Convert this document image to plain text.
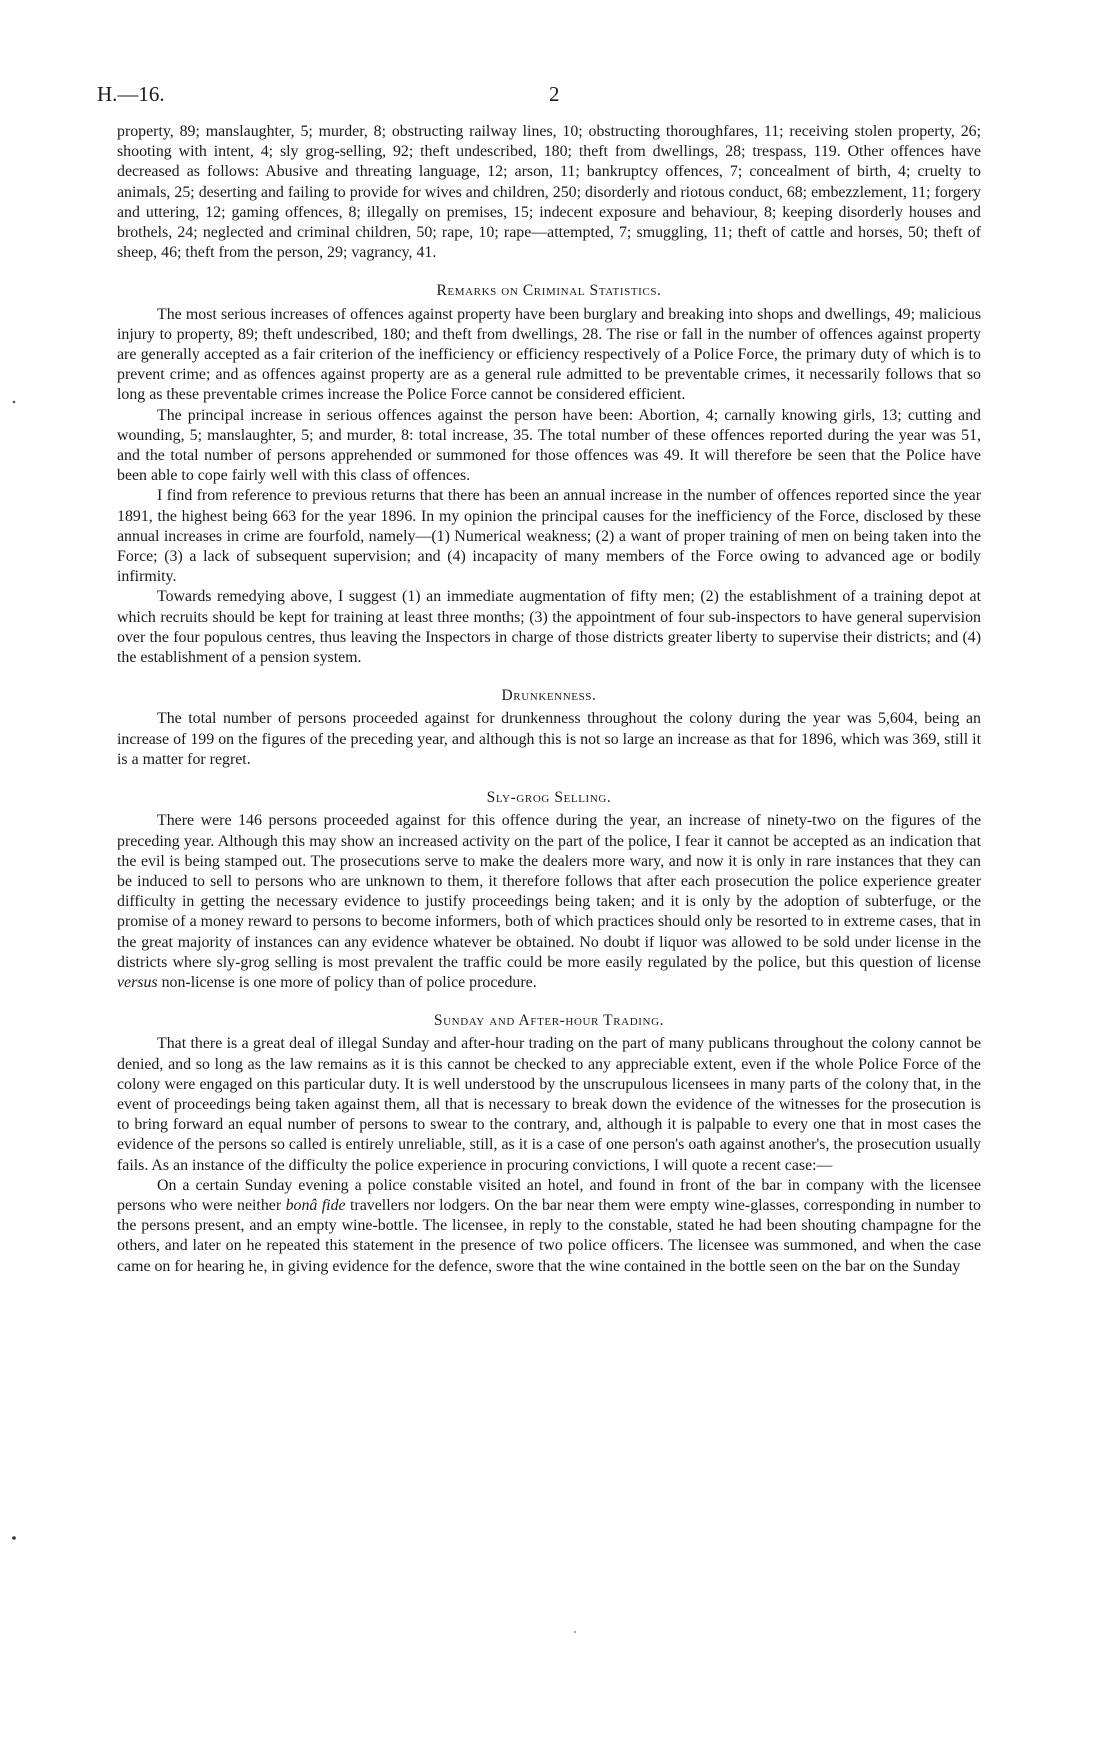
H.—16.	2

property, 89; manslaughter, 5; murder, 8; obstructing railway lines, 10; obstructing thoroughfares, 11; receiving stolen property, 26; shooting with intent, 4; sly grog-selling, 92; theft undescribed, 180; theft from dwellings, 28; trespass, 119. Other offences have decreased as follows: Abusive and threating language, 12; arson, 11; bankruptcy offences, 7; concealment of birth, 4; cruelty to animals, 25; deserting and failing to provide for wives and children, 250; disorderly and riotous conduct, 68; embezzlement, 11; forgery and uttering, 12; gaming offences, 8; illegally on premises, 15; indecent exposure and behaviour, 8; keeping disorderly houses and brothels, 24; neglected and criminal children, 50; rape, 10; rape—attempted, 7; smuggling, 11; theft of cattle and horses, 50; theft of sheep, 46; theft from the person, 29; vagrancy, 41.

Remarks on Criminal Statistics.

The most serious increases of offences against property have been burglary and breaking into shops and dwellings, 49; malicious injury to property, 89; theft undescribed, 180; and theft from dwellings, 28. The rise or fall in the number of offences against property are generally accepted as a fair criterion of the inefficiency or efficiency respectively of a Police Force, the primary duty of which is to prevent crime; and as offences against property are as a general rule admitted to be preventable crimes, it necessarily follows that so long as these preventable crimes increase the Police Force cannot be considered efficient.

The principal increase in serious offences against the person have been: Abortion, 4; carnally knowing girls, 13; cutting and wounding, 5; manslaughter, 5; and murder, 8: total increase, 35. The total number of these offences reported during the year was 51, and the total number of persons apprehended or summoned for those offences was 49. It will therefore be seen that the Police have been able to cope fairly well with this class of offences.

I find from reference to previous returns that there has been an annual increase in the number of offences reported since the year 1891, the highest being 663 for the year 1896. In my opinion the principal causes for the inefficiency of the Force, disclosed by these annual increases in crime are fourfold, namely—(1) Numerical weakness; (2) a want of proper training of men on being taken into the Force; (3) a lack of subsequent supervision; and (4) incapacity of many members of the Force owing to advanced age or bodily infirmity.

Towards remedying above, I suggest (1) an immediate augmentation of fifty men; (2) the establishment of a training depot at which recruits should be kept for training at least three months; (3) the appointment of four sub-inspectors to have general supervision over the four populous centres, thus leaving the Inspectors in charge of those districts greater liberty to supervise their districts; and (4) the establishment of a pension system.

Drunkenness.

The total number of persons proceeded against for drunkenness throughout the colony during the year was 5,604, being an increase of 199 on the figures of the preceding year, and although this is not so large an increase as that for 1896, which was 369, still it is a matter for regret.

Sly-grog Selling.

There were 146 persons proceeded against for this offence during the year, an increase of ninety-two on the figures of the preceding year. Although this may show an increased activity on the part of the police, I fear it cannot be accepted as an indication that the evil is being stamped out. The prosecutions serve to make the dealers more wary, and now it is only in rare instances that they can be induced to sell to persons who are unknown to them, it therefore follows that after each prosecution the police experience greater difficulty in getting the necessary evidence to justify proceedings being taken; and it is only by the adoption of subterfuge, or the promise of a money reward to persons to become informers, both of which practices should only be resorted to in extreme cases, that in the great majority of instances can any evidence whatever be obtained. No doubt if liquor was allowed to be sold under license in the districts where sly-grog selling is most prevalent the traffic could be more easily regulated by the police, but this question of license versus non-license is one more of policy than of police procedure.

Sunday and After-hour Trading.

That there is a great deal of illegal Sunday and after-hour trading on the part of many publicans throughout the colony cannot be denied, and so long as the law remains as it is this cannot be checked to any appreciable extent, even if the whole Police Force of the colony were engaged on this particular duty. It is well understood by the unscrupulous licensees in many parts of the colony that, in the event of proceedings being taken against them, all that is necessary to break down the evidence of the witnesses for the prosecution is to bring forward an equal number of persons to swear to the contrary, and, although it is palpable to every one that in most cases the evidence of the persons so called is entirely unreliable, still, as it is a case of one person's oath against another's, the prosecution usually fails. As an instance of the difficulty the police experience in procuring convictions, I will quote a recent case:—

On a certain Sunday evening a police constable visited an hotel, and found in front of the bar in company with the licensee persons who were neither bonâ fide travellers nor lodgers. On the bar near them were empty wine-glasses, corresponding in number to the persons present, and an empty wine-bottle. The licensee, in reply to the constable, stated he had been shouting champagne for the others, and later on he repeated this statement in the presence of two police officers. The licensee was summoned, and when the case came on for hearing he, in giving evidence for the defence, swore that the wine contained in the bottle seen on the bar on the Sunday
